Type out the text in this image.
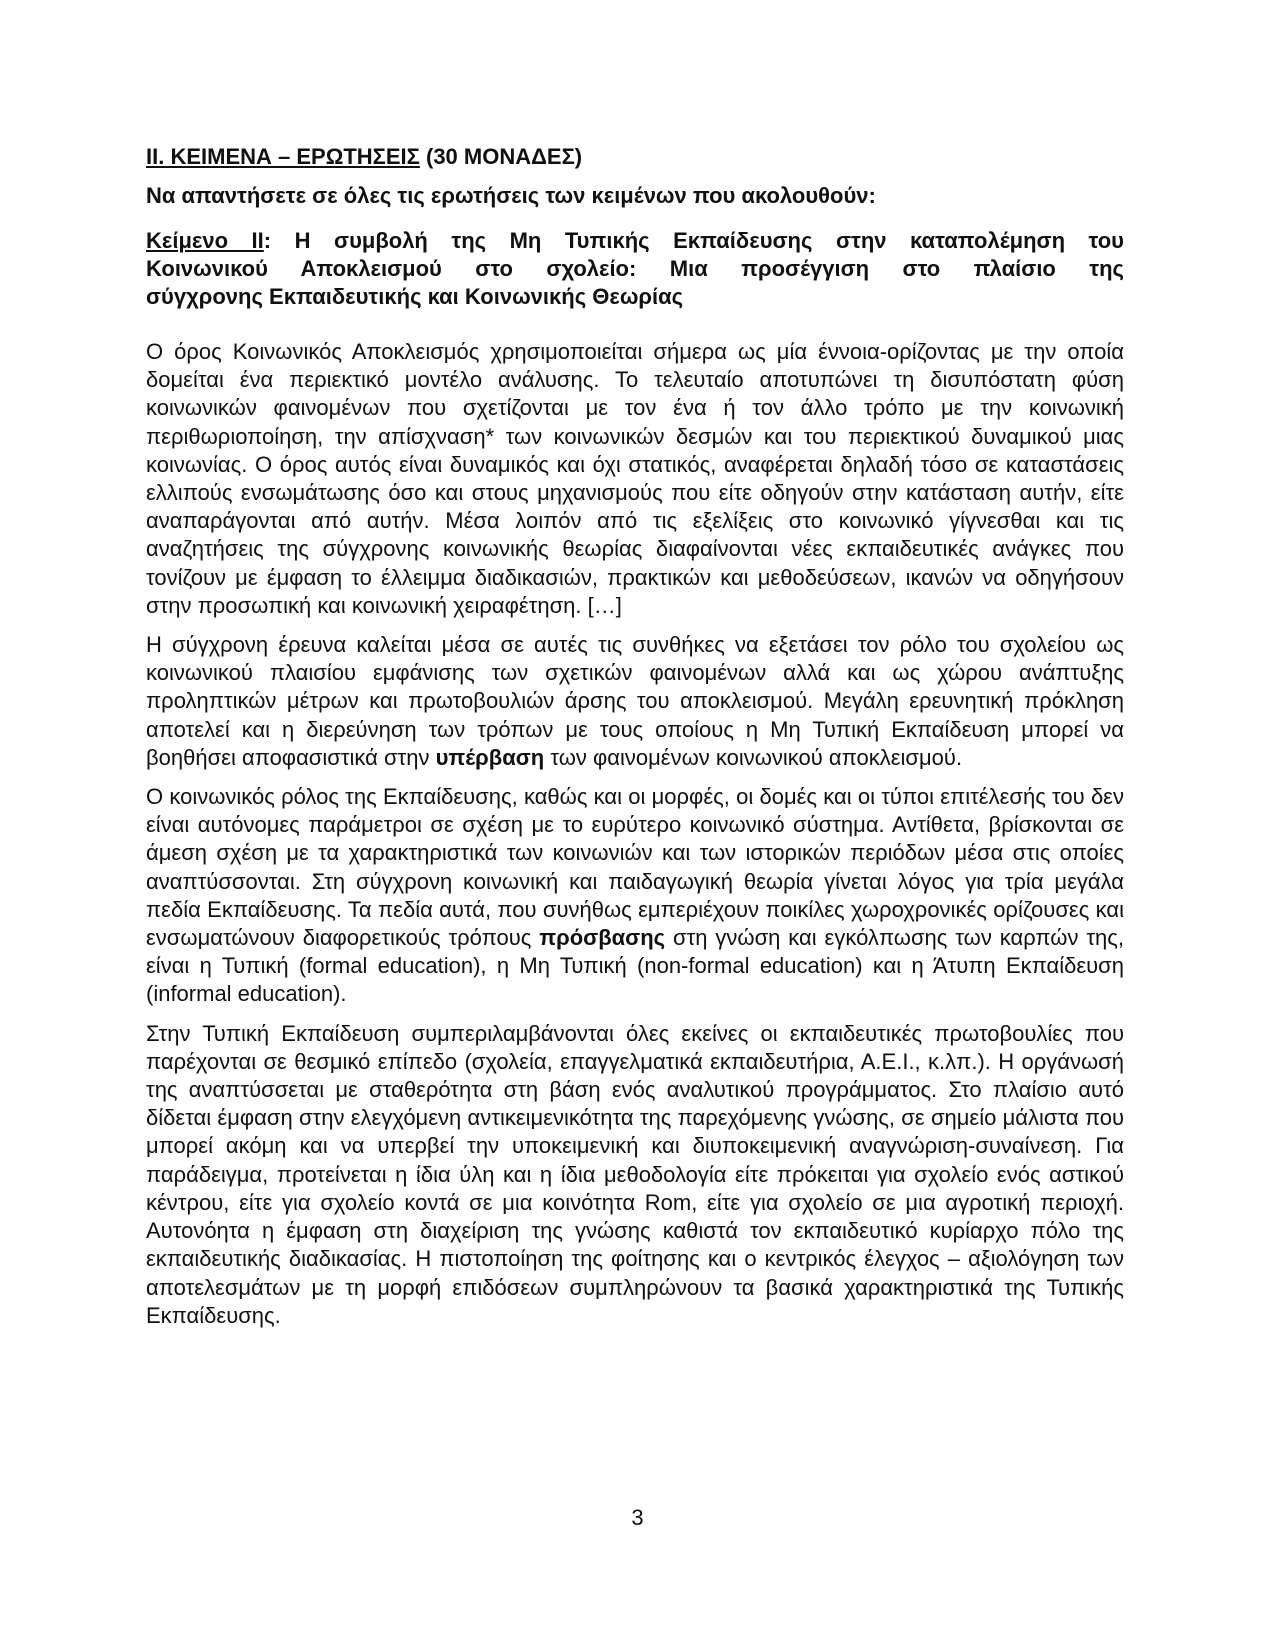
ΙΙ. ΚΕΙΜΕΝΑ – ΕΡΩΤΗΣΕΙΣ (30 ΜΟΝΑΔΕΣ)

Να απαντήσετε σε όλες τις ερωτήσεις των κειμένων που ακολουθούν:

Κείμενο ΙΙ: Η συμβολή της Μη Τυπικής Εκπαίδευσης στην καταπολέμηση του
Κοινωνικού Αποκλεισμού στο σχολείο: Μια προσέγγιση στο πλαίσιο της
σύγχρονης Εκπαιδευτικής και Κοινωνικής Θεωρίας

Ο όρος Κοινωνικός Αποκλεισμός χρησιμοποιείται σήμερα ως μία έννοια-ορίζοντας με την οποία δομείται ένα περιεκτικό μοντέλο ανάλυσης. Το τελευταίο αποτυπώνει τη δισυπόστατη φύση κοινωνικών φαινομένων που σχετίζονται με τον ένα ή τον άλλο τρόπο με την κοινωνική περιθωριοποίηση, την απίσχναση* των κοινωνικών δεσμών και του περιεκτικού δυναμικού μιας κοινωνίας. Ο όρος αυτός είναι δυναμικός και όχι στατικός, αναφέρεται δηλαδή τόσο σε καταστάσεις ελλιπούς ενσωμάτωσης όσο και στους μηχανισμούς που είτε οδηγούν στην κατάσταση αυτήν, είτε αναπαράγονται από αυτήν. Μέσα λοιπόν από τις εξελίξεις στο κοινωνικό γίγνεσθαι και τις αναζητήσεις της σύγχρονης κοινωνικής θεωρίας διαφαίνονται νέες εκπαιδευτικές ανάγκες που τονίζουν με έμφαση το έλλειμμα διαδικασιών, πρακτικών και μεθοδεύσεων, ικανών να οδηγήσουν στην προσωπική και κοινωνική χειραφέτηση. […]

Η σύγχρονη έρευνα καλείται μέσα σε αυτές τις συνθήκες να εξετάσει τον ρόλο του σχολείου ως κοινωνικού πλαισίου εμφάνισης των σχετικών φαινομένων αλλά και ως χώρου ανάπτυξης προληπτικών μέτρων και πρωτοβουλιών άρσης του αποκλεισμού. Μεγάλη ερευνητική πρόκληση αποτελεί και η διερεύνηση των τρόπων με τους οποίους η Μη Τυπική Εκπαίδευση μπορεί να βοηθήσει αποφασιστικά στην υπέρβαση των φαινομένων κοινωνικού αποκλεισμού.

Ο κοινωνικός ρόλος της Εκπαίδευσης, καθώς και οι μορφές, οι δομές και οι τύποι επιτέλεσής του δεν είναι αυτόνομες παράμετροι σε σχέση με το ευρύτερο κοινωνικό σύστημα. Αντίθετα, βρίσκονται σε άμεση σχέση με τα χαρακτηριστικά των κοινωνιών και των ιστορικών περιόδων μέσα στις οποίες αναπτύσσονται. Στη σύγχρονη κοινωνική και παιδαγωγική θεωρία γίνεται λόγος για τρία μεγάλα πεδία Εκπαίδευσης. Τα πεδία αυτά, που συνήθως εμπεριέχουν ποικίλες χωροχρονικές ορίζουσες και ενσωματώνουν διαφορετικούς τρόπους πρόσβασης στη γνώση και εγκόλπωσης των καρπών της, είναι η Τυπική (formal education), η Μη Τυπική (non-formal education) και η Άτυπη Εκπαίδευση (informal education).

Στην Τυπική Εκπαίδευση συμπεριλαμβάνονται όλες εκείνες οι εκπαιδευτικές πρωτοβουλίες που παρέχονται σε θεσμικό επίπεδο (σχολεία, επαγγελματικά εκπαιδευτήρια, Α.Ε.Ι., κ.λπ.). Η οργάνωσή της αναπτύσσεται με σταθερότητα στη βάση ενός αναλυτικού προγράμματος. Στο πλαίσιο αυτό δίδεται έμφαση στην ελεγχόμενη αντικειμενικότητα της παρεχόμενης γνώσης, σε σημείο μάλιστα που μπορεί ακόμη και να υπερβεί την υποκειμενική και διυποκειμενική αναγνώριση-συναίνεση. Για παράδειγμα, προτείνεται η ίδια ύλη και η ίδια μεθοδολογία είτε πρόκειται για σχολείο ενός αστικού κέντρου, είτε για σχολείο κοντά σε μια κοινότητα Rom, είτε για σχολείο σε μια αγροτική περιοχή. Αυτονόητα η έμφαση στη διαχείριση της γνώσης καθιστά τον εκπαιδευτικό κυρίαρχο πόλο της εκπαιδευτικής διαδικασίας. Η πιστοποίηση της φοίτησης και ο κεντρικός έλεγχος – αξιολόγηση των αποτελεσμάτων με τη μορφή επιδόσεων συμπληρώνουν τα βασικά χαρακτηριστικά της Τυπικής Εκπαίδευσης.

3
